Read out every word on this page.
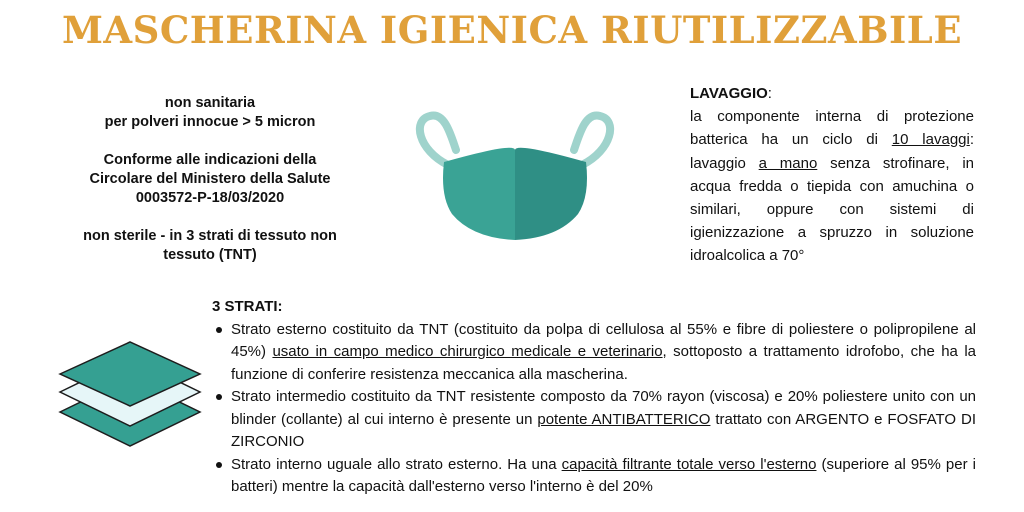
MASCHERINA IGIENICA RIUTILIZZABILE

non sanitaria
per polveri innocue > 5 micron

Conforme alle indicazioni della
Circolare del Ministero della Salute
0003572-P-18/03/2020

non sterile - in 3 strati di tessuto non
tessuto (TNT)

LAVAGGIO:
la componente interna di protezione
batterica ha un ciclo di 10 lavaggi:
lavaggio a mano senza strofinare, in
acqua fredda o tiepida con amuchina o
similari, oppure con sistemi di
igienizzazione a spruzzo in soluzione
idroalcolica a 70°
3 STRATI:
Strato esterno costituito da TNT (costituito da polpa di cellulosa al 55% e fibre di poliestere o polipropilene al 45%) usato in campo medico chirurgico medicale e veterinario, sottoposto a trattamento idrofobo, che ha la funzione di conferire resistenza meccanica alla mascherina.
Strato intermedio costituito da TNT resistente composto da 70% rayon (viscosa) e 20% poliestere unito con un blinder (collante) al cui interno è presente un potente ANTIBATTERICO trattato con ARGENTO e FOSFATO DI ZIRCONIO
Strato interno uguale allo strato esterno. Ha una capacità filtrante totale verso l'esterno (superiore al 95% per i batteri) mentre la capacità dall'esterno verso l'interno è del 20%
